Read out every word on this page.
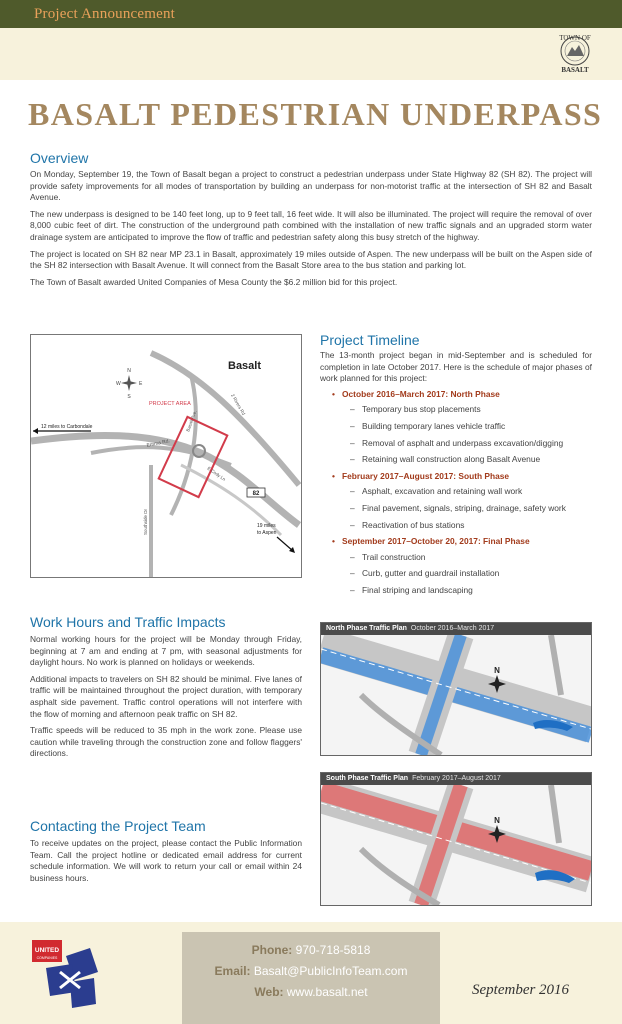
Project Announcement
TOWN OF
BASALT
BASALT PEDESTRIAN UNDERPASS
Overview

On Monday, September 19, the Town of Basalt began a project to construct a pedestrian underpass under State Highway 82 (SH 82). The project will provide safety improvements for all modes of transportation by building an underpass for non-motorist traffic at the intersection of SH 82 and Basalt Avenue.

The new underpass is designed to be 140 feet long, up to 9 feet tall, 16 feet wide. It will also be illuminated. The project will require the removal of over 8,000 cubic feet of dirt. The construction of the underground path combined with the installation of new traffic signals and an upgraded storm water drainage system are anticipated to improve the flow of traffic and pedestrian safety along this busy stretch of the highway.

The project is located on SH 82 near MP 23.1 in Basalt, approximately 19 miles outside of Aspen. The new underpass will be built on the Aspen side of the SH 82 intersection with Basalt Avenue. It will connect from the Basalt Store area to the bus station and parking lot.

The Town of Basalt awarded United Companies of Mesa County the $6.2 million bid for this project.

N
S
E
W
Basalt
PROJECT AREA
12 miles to Carbondale
Emma Rd.
Basalt Ave.
2 Rivers Rd
Southside Dr
E Cody Ln
82
19 miles
to Aspen
Project Timeline
The 13-month project began in mid-September and is scheduled for completion in late October 2017. Here is the schedule of major phases of work planned for this project:
• October 2016–March 2017: North Phase
– Temporary bus stop placements
– Building temporary lanes vehicle traffic
– Removal of asphalt and underpass excavation/digging
– Retaining wall construction along Basalt Avenue
• February 2017–August 2017: South Phase
– Asphalt, excavation and retaining wall work
– Final pavement, signals, striping, drainage, safety work
– Reactivation of bus stations
• September 2017–October 20, 2017: Final Phase
– Trail construction
– Curb, gutter and guardrail installation
– Final striping and landscaping
Work Hours and Traffic Impacts

Normal working hours for the project will be Monday through Friday, beginning at 7 am and ending at 7 pm, with seasonal adjustments for daylight hours. No work is planned on holidays or weekends.

Additional impacts to travelers on SH 82 should be minimal. Five lanes of traffic will be maintained throughout the project duration, with temporary asphalt side pavement. Traffic control operations will not interfere with the flow of morning and afternoon peak traffic on SH 82.

Traffic speeds will be reduced to 35 mph in the work zone. Please use caution while traveling through the construction zone and follow flaggers' directions.

Contacting the Project Team

To receive updates on the project, please contact the Public Information Team. Call the project hotline or dedicated email address for current schedule information. We will work to return your call or email within 24 business hours.

North Phase Traffic Plan October 2016–March 2017
N
South Phase Traffic Plan February 2017–August 2017
N
UNITED
COMPANIES
Phone: 970-718-5818
Email: Basalt@PublicInfoTeam.com
Web: www.basalt.net	September 2016
